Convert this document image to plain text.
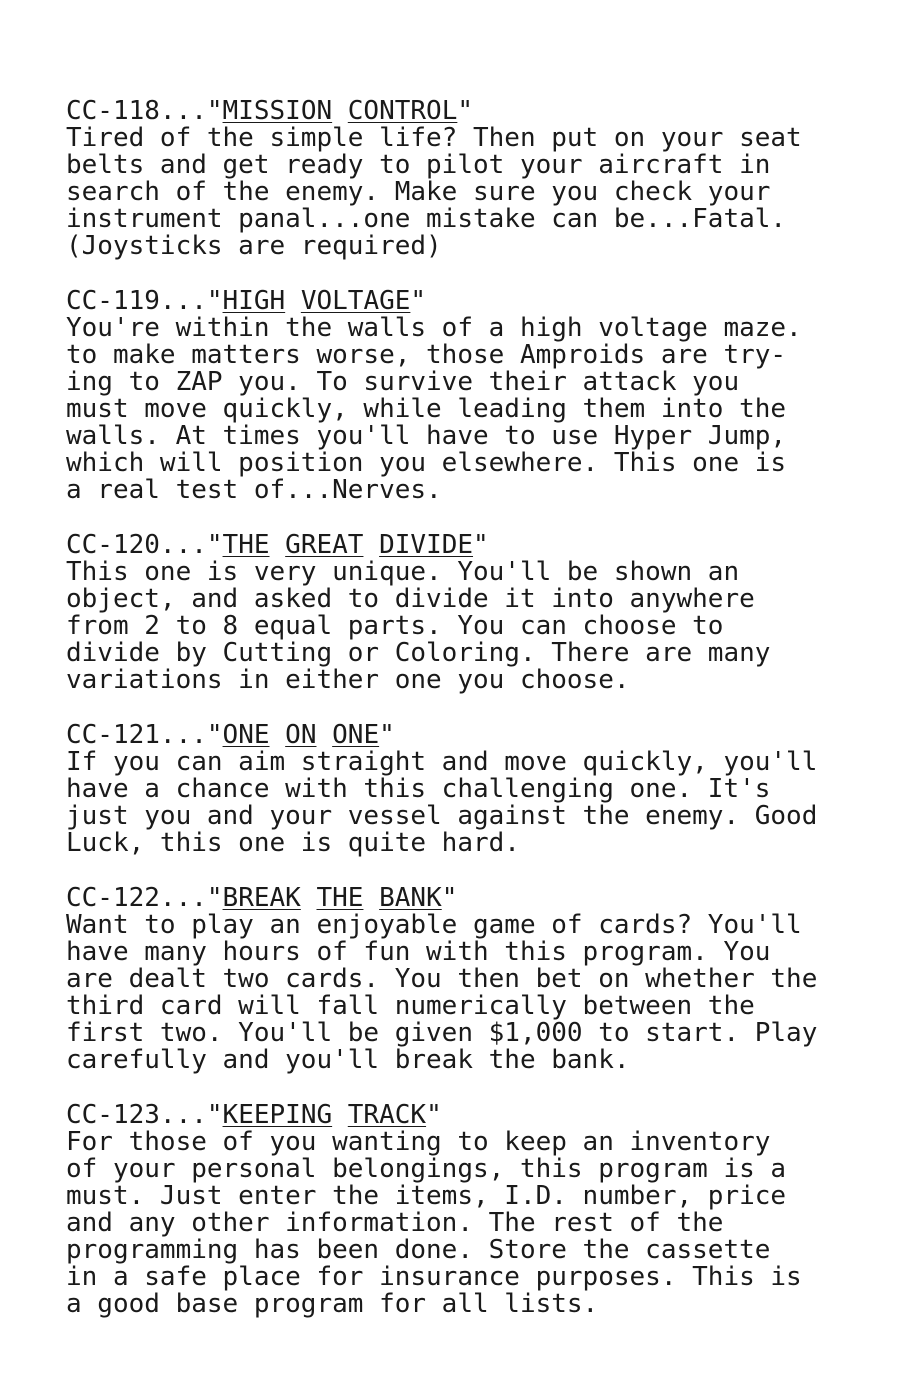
CC-118..."MISSION CONTROL"
Tired of the simple life? Then put on your seat
belts and get ready to pilot your aircraft in
search of the enemy. Make sure you check your
instrument panal...one mistake can be...Fatal.
(Joysticks are required)
CC-119..."HIGH VOLTAGE"
You're within the walls of a high voltage maze.
to make matters worse, those Amproids are try-
ing to ZAP you. To survive their attack you
must move quickly, while leading them into the
walls. At times you'll have to use Hyper Jump,
which will position you elsewhere. This one is
a real test of...Nerves.
CC-120..."THE GREAT DIVIDE"
This one is very unique. You'll be shown an
object, and asked to divide it into anywhere
from 2 to 8 equal parts. You can choose to
divide by Cutting or Coloring. There are many
variations in either one you choose.
CC-121..."ONE ON ONE"
If you can aim straight and move quickly, you'll
have a chance with this challenging one. It's
just you and your vessel against the enemy. Good
Luck, this one is quite hard.
CC-122..."BREAK THE BANK"
Want to play an enjoyable game of cards? You'll
have many hours of fun with this program. You
are dealt two cards. You then bet on whether the
third card will fall numerically between the
first two. You'll be given $1,000 to start. Play
carefully and you'll break the bank.
CC-123..."KEEPING TRACK"
For those of you wanting to keep an inventory
of your personal belongings, this program is a
must. Just enter the items, I.D. number, price
and any other information. The rest of the
programming has been done. Store the cassette
in a safe place for insurance purposes. This is
a good base program for all lists.
